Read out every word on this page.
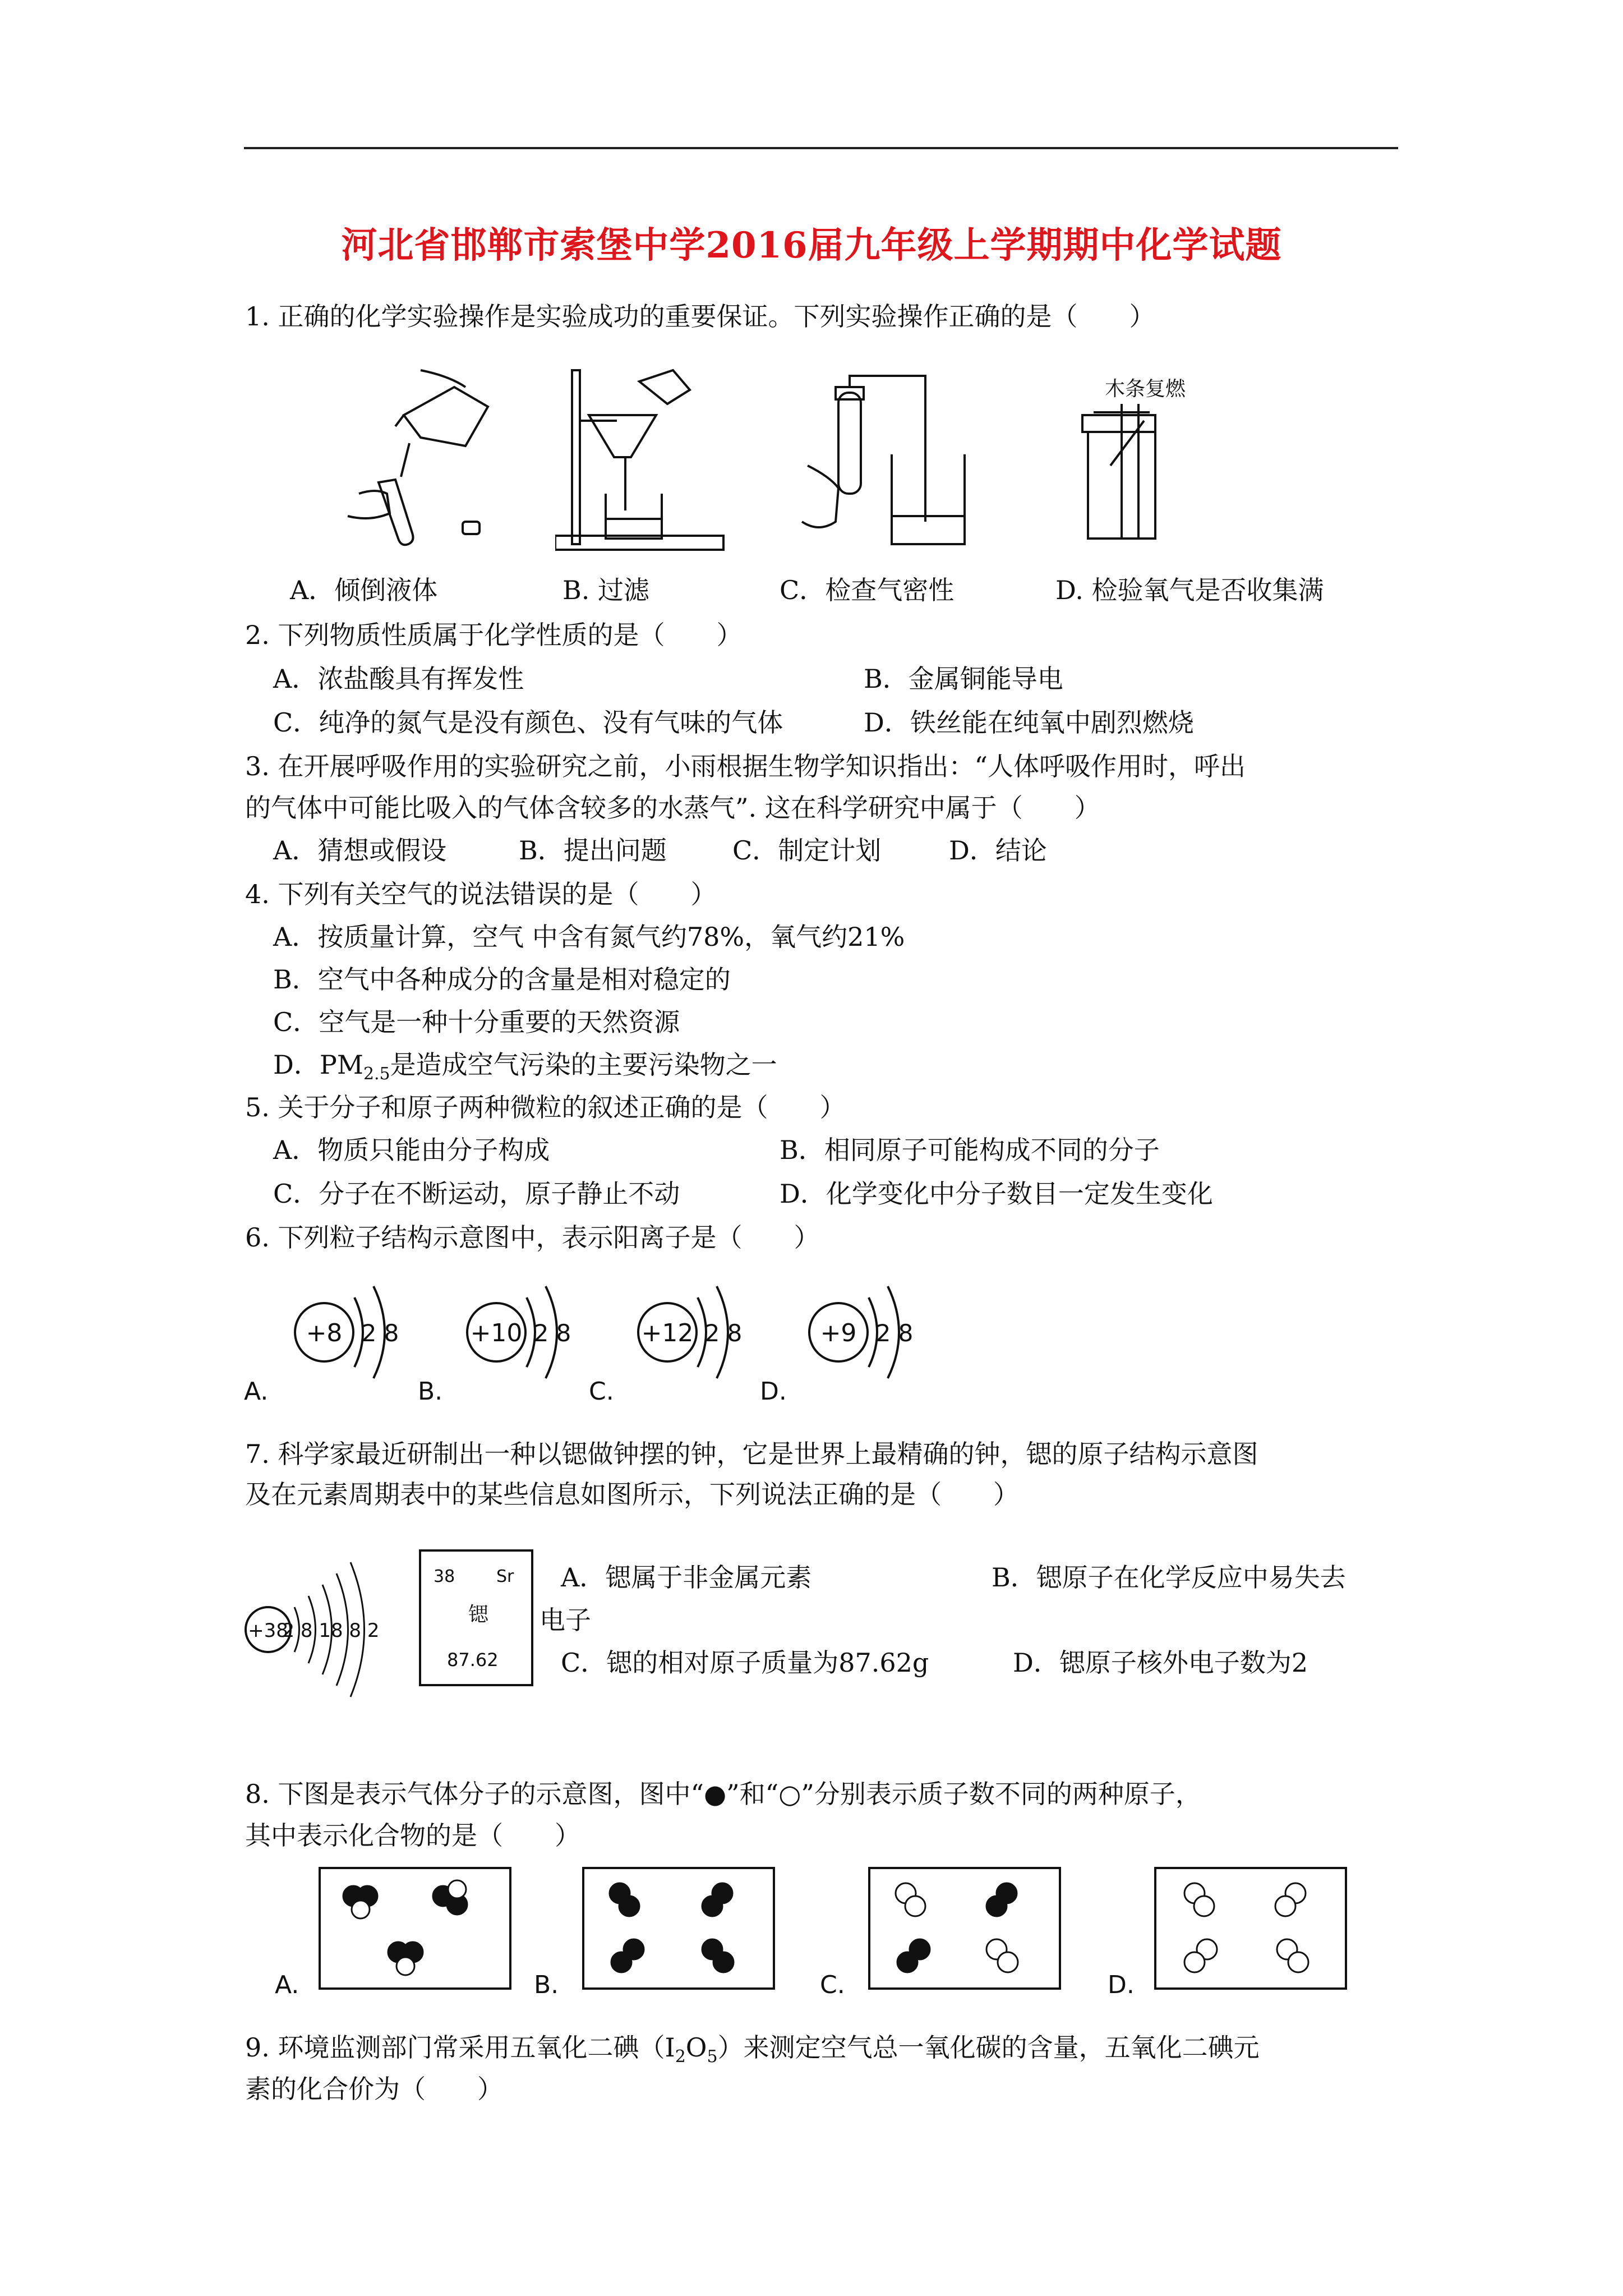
河北省邯郸市索堡中学2016届九年级上学期期中化学试题
1. 正确的化学实验操作是实验成功的重要保证。下列实验操作正确的是（　　）
木条复燃
A．倾倒液体	B. 过滤	C．检查气密性	D. 检验氧气是否收集满
2. 下列物质性质属于化学性质的是（　　）
A．浓盐酸具有挥发性	B．金属铜能导电
C．纯净的氮气是没有颜色、没有气味的气体	D．铁丝能在纯氧中剧烈燃烧
3. 在开展呼吸作用的实验研究之前，小雨根据生物学知识指出：“人体呼吸作用时，呼出
的气体中可能比吸入的气体含较多的水蒸气”. 这在科学研究中属于（　　）
A．猜想或假设	B．提出问题	C．制定计划	D．结论
4. 下列有关空气的说法错误的是（　　）
A．按质量计算，空气 中含有氮气约78%，氧气约21%
B．空气中各种成分的含量是相对稳定的
C．空气是一种十分重要的天然资源
D．$PM_{2.5}$是造成空气污染的主要污染物之一
5. 关于分子和原子两种微粒的叙述正确的是（　　）
A．物质只能由分子构成	B．相同原子可能构成不同的分子
C．分子在不断运动，原子静止不动	D．化学变化中分子数目一定发生变化
6. 下列粒子结构示意图中，表示阳离子是（　　）
+8 2 8
A.
+10 2 8
B.
+12 2 8
C.
+9 2 8
D.
7. 科学家最近研制出一种以锶做钟摆的钟，它是世界上最精确的钟，锶的原子结构示意图
及在元素周期表中的某些信息如图所示，下列说法正确的是（　　）
+38
2 8 18 8 2
38 Sr
锶
87.62
A．锶属于非金属元素	B．锶原子在化学反应中易失去
电子
C．锶的相对原子质量为87.62g	D．锶原子核外电子数为2
8. 下图是表示气体分子的示意图，图中“●”和“○”分别表示质子数不同的两种原子，
其中表示化合物的是（　　）
A.	B.	C.	D.
9. 环境监测部门常采用五氧化二碘$(I_2O_5)$来测定空气总一氧化碳的含量，五氧化二碘元
素的化合价为（　　）
